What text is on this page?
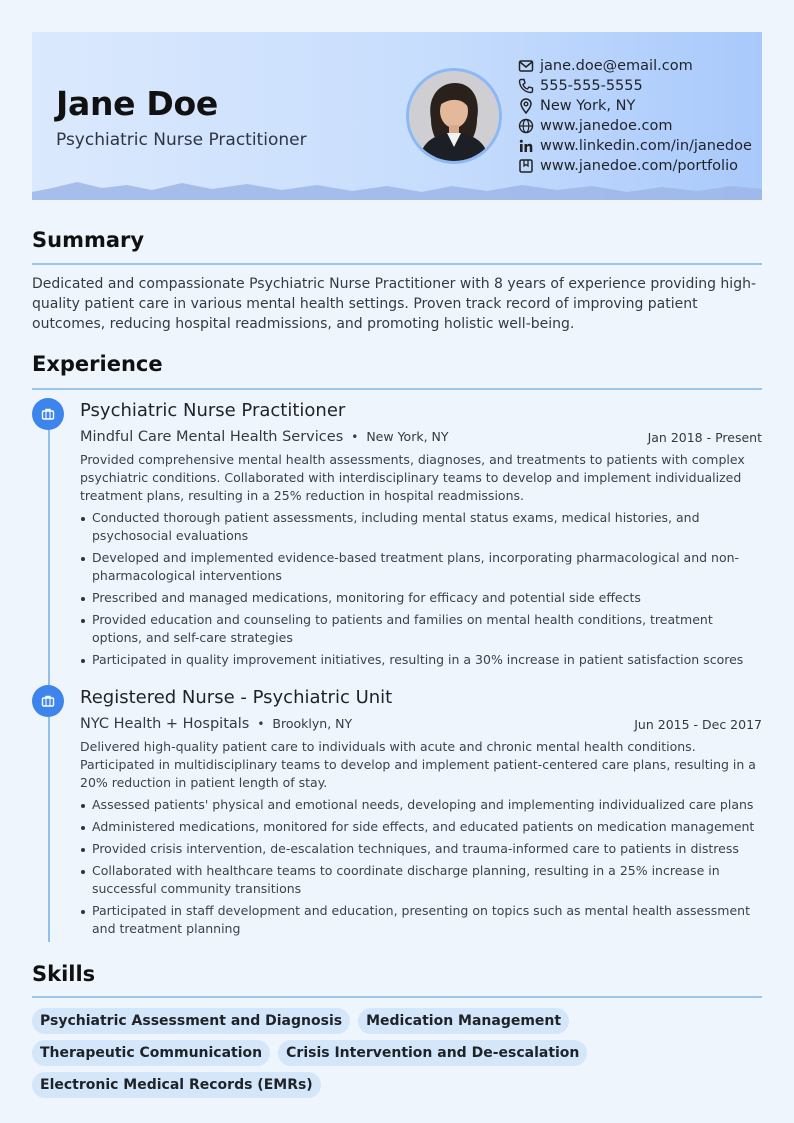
Jane Doe
Psychiatric Nurse Practitioner
jane.doe@email.com
555-555-5555
New York, NY
www.janedoe.com
www.linkedin.com/in/janedoe
www.janedoe.com/portfolio
Summary
Dedicated and compassionate Psychiatric Nurse Practitioner with 8 years of experience providing high-quality patient care in various mental health settings. Proven track record of improving patient outcomes, reducing hospital readmissions, and promoting holistic well-being.
Experience
Psychiatric Nurse Practitioner
Mindful Care Mental Health Services • New York, NY	Jan 2018 - Present
Provided comprehensive mental health assessments, diagnoses, and treatments to patients with complex psychiatric conditions. Collaborated with interdisciplinary teams to develop and implement individualized treatment plans, resulting in a 25% reduction in hospital readmissions.
Conducted thorough patient assessments, including mental status exams, medical histories, and psychosocial evaluations
Developed and implemented evidence-based treatment plans, incorporating pharmacological and non-pharmacological interventions
Prescribed and managed medications, monitoring for efficacy and potential side effects
Provided education and counseling to patients and families on mental health conditions, treatment options, and self-care strategies
Participated in quality improvement initiatives, resulting in a 30% increase in patient satisfaction scores
Registered Nurse - Psychiatric Unit
NYC Health + Hospitals • Brooklyn, NY	Jun 2015 - Dec 2017
Delivered high-quality patient care to individuals with acute and chronic mental health conditions. Participated in multidisciplinary teams to develop and implement patient-centered care plans, resulting in a 20% reduction in patient length of stay.
Assessed patients' physical and emotional needs, developing and implementing individualized care plans
Administered medications, monitored for side effects, and educated patients on medication management
Provided crisis intervention, de-escalation techniques, and trauma-informed care to patients in distress
Collaborated with healthcare teams to coordinate discharge planning, resulting in a 25% increase in successful community transitions
Participated in staff development and education, presenting on topics such as mental health assessment and treatment planning
Skills
Psychiatric Assessment and Diagnosis	Medication Management
Therapeutic Communication	Crisis Intervention and De-escalation
Electronic Medical Records (EMRs)
